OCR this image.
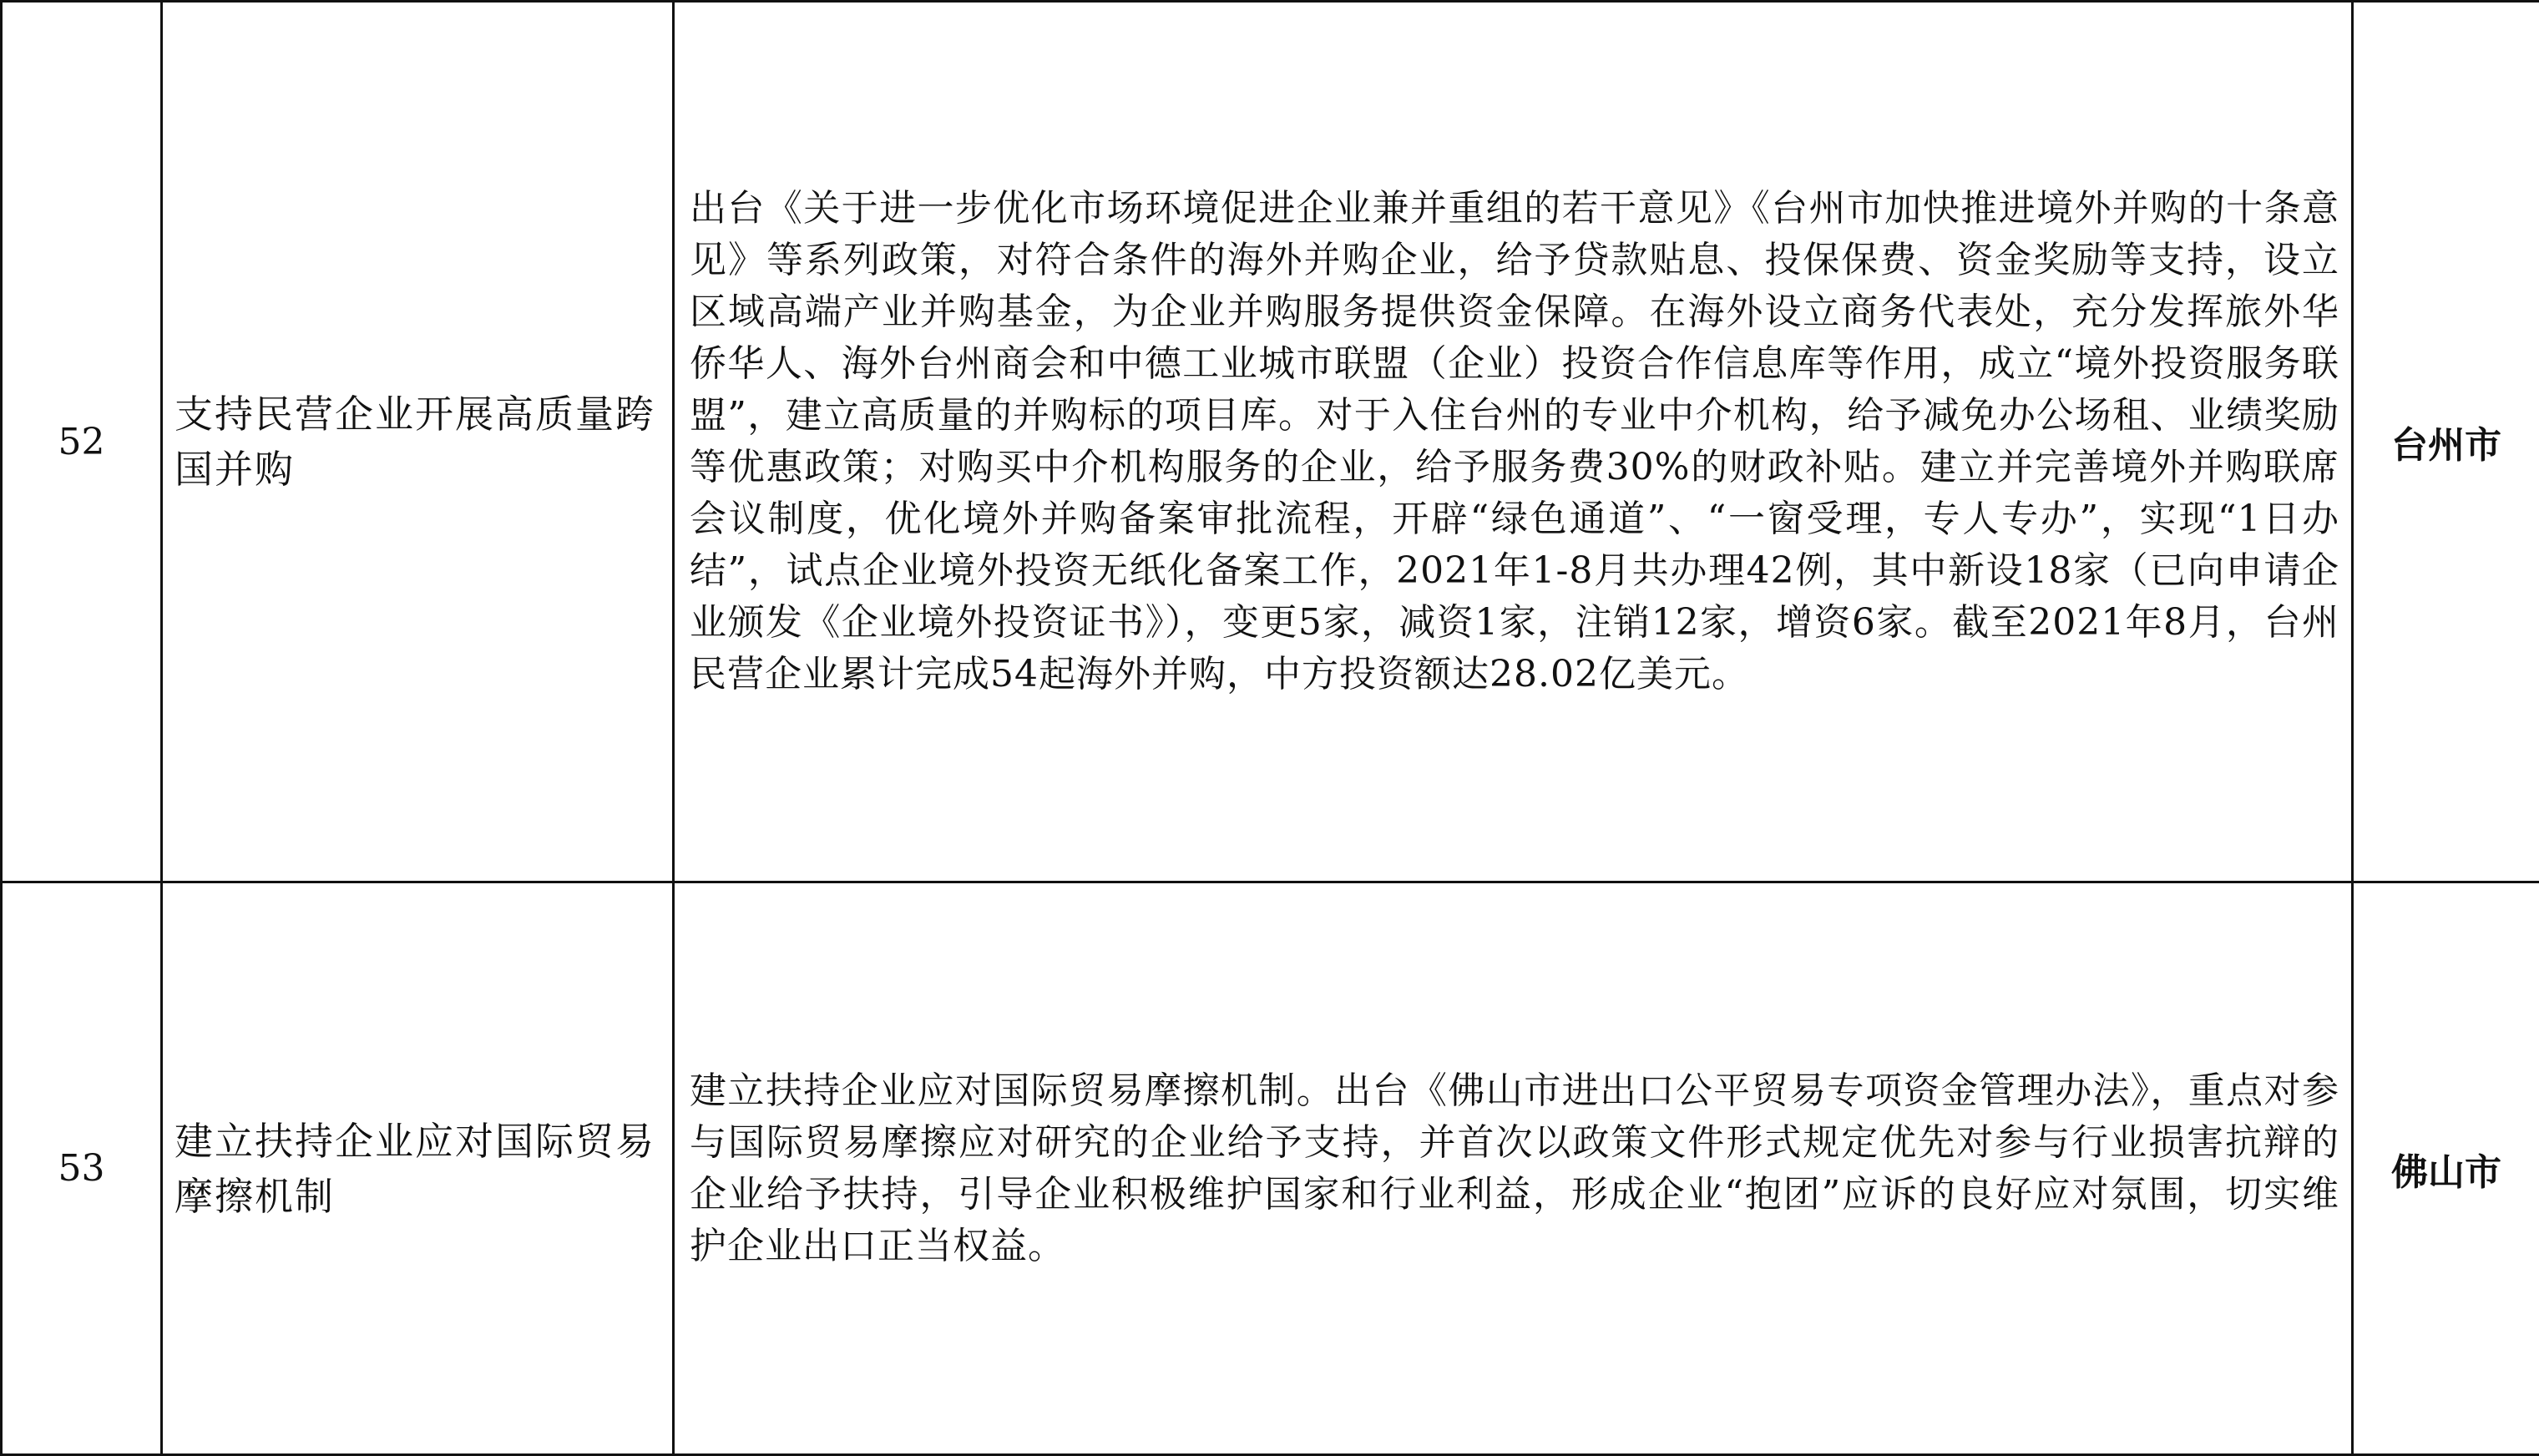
52	支持民营企业开展高质量跨国并购	出台《关于进一步优化市场环境促进企业兼并重组的若干意见》《台州市加快推进境外并购的十条意见》等系列政策，对符合条件的海外并购企业，给予贷款贴息、投保保费、资金奖励等支持，设立区域高端产业并购基金，为企业并购服务提供资金保障。在海外设立商务代表处，充分发挥旅外华侨华人、海外台州商会和中德工业城市联盟（企业）投资合作信息库等作用，成立“境外投资服务联盟”，建立高质量的并购标的项目库。对于入住台州的专业中介机构，给予减免办公场租、业绩奖励等优惠政策；对购买中介机构服务的企业，给予服务费30%的财政补贴。建立并完善境外并购联席会议制度，优化境外并购备案审批流程，开辟“绿色通道”、“一窗受理，专人专办”，实现“1日办结”，试点企业境外投资无纸化备案工作，2021年1-8月共办理42例，其中新设18家（已向申请企业颁发《企业境外投资证书》），变更5家，减资1家，注销12家，增资6家。截至2021年8月，台州民营企业累计完成54起海外并购，中方投资额达28.02亿美元。	台州市
53	建立扶持企业应对国际贸易摩擦机制	建立扶持企业应对国际贸易摩擦机制。出台《佛山市进出口公平贸易专项资金管理办法》，重点对参与国际贸易摩擦应对研究的企业给予支持，并首次以政策文件形式规定优先对参与行业损害抗辩的企业给予扶持，引导企业积极维护国家和行业利益，形成企业“抱团”应诉的良好应对氛围，切实维护企业出口正当权益。	佛山市
